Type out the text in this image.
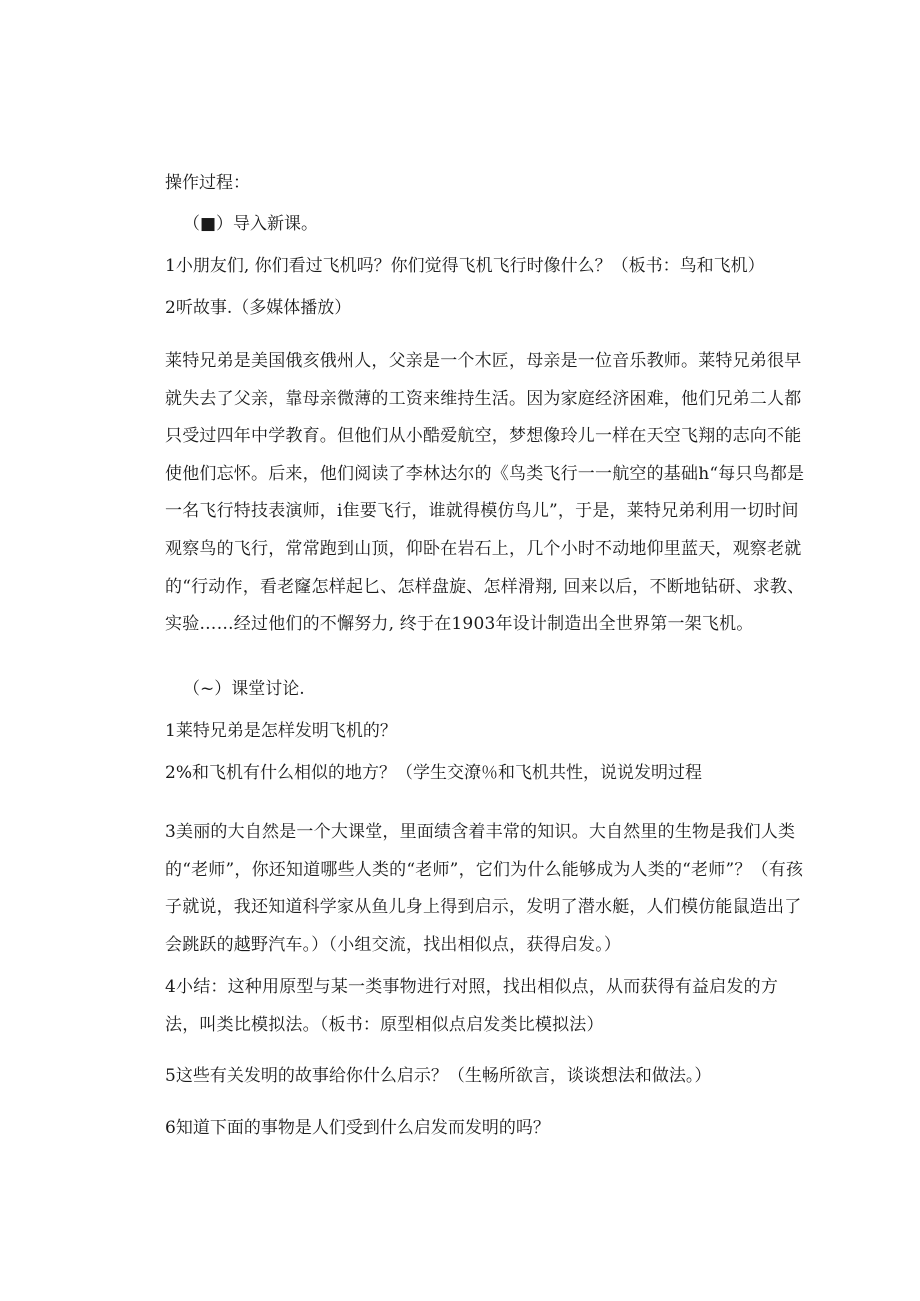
操作过程：
（■）导入新课。
1小朋友们, 你们看过飞机吗？你们觉得飞机飞行时像什么？（板书：鸟和飞机）
2听故事.（多媒体播放）

莱特兄弟是美国俄亥俄州人，父亲是一个木匠，母亲是一位音乐教师。莱特兄弟很早就失去了父亲，靠母亲微薄的工资来维持生活。因为家庭经济困难，他们兄弟二人都只受过四年中学教育。但他们从小酷爱航空，梦想像玲儿一样在天空飞翔的志向不能使他们忘怀。后来，他们阅读了李林达尔的《鸟类飞行一一航空的基础h“每只鸟都是一名飞行特技表演师，i隹要飞行，谁就得模仿鸟儿”，于是，莱特兄弟利用一切时间观察鸟的飞行，常常跑到山顶，仰卧在岩石上，几个小时不动地仰里蓝天，观察老就的“行动作，看老窿怎样起匕、怎样盘旋、怎样滑翔, 回来以后，不断地钻研、求教、实验……经过他们的不懈努力, 终于在1903年设计制造出全世界第一架飞机。

（~）课堂讨论.
1莱特兄弟是怎样发明飞机的？
2%和飞机有什么相似的地方？（学生交潦％和飞机共性，说说发明过程

3美丽的大自然是一个大课堂，里面绩含着丰常的知识。大自然里的生物是我们人类的“老师”，你还知道哪些人类的“老师”，它们为什么能够成为人类的“老师”？（有孩子就说，我还知道科学家从鱼儿身上得到启示，发明了潜水艇，人们模仿能鼠造出了会跳跃的越野汽车。）（小组交流，找出相似点，获得启发。）

4小结：这种用原型与某一类事物进行对照，找出相似点，从而获得有益启发的方法，叫类比模拟法。（板书：原型相似点启发类比模拟法）

5这些有关发明的故事给你什么启示？（生畅所欲言，谈谈想法和做法。）
6知道下面的事物是人们受到什么启发而发明的吗？
